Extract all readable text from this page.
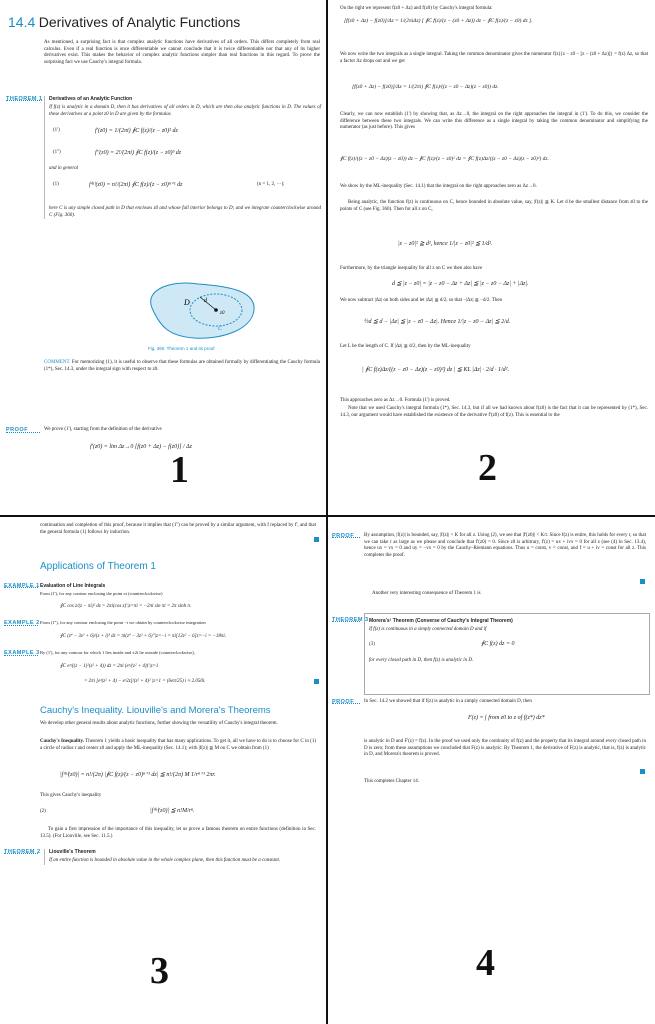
14.4 Derivatives of Analytic Functions

As mentioned, a surprising fact is that complex analytic functions have derivatives of all orders. This differs completely from real calculus. Even if a real function is once differentiable we cannot conclude that it is twice differentiable nor that any of its higher derivatives exist. This makes the behavior of complex analytic functions simpler than real functions in this regard. To prove the surprising fact we use Cauchy's integral formula.

THEOREM 1 Derivatives of an Analytic Function

If f(z) is analytic in a domain D, then it has derivatives of all orders in D, which are then also analytic functions in D. The values of these derivatives at a point z0 in D are given by the formulas

(1')	f'(z0) = 1/(2πi) ∮C f(z)/(z − z0)² dz
(1'')	f''(z0) = 2!/(2πi) ∮C f(z)/(z − z0)³ dz
and in general
(1)	f⁽ⁿ⁾(z0) = n!/(2πi) ∮C f(z)/(z − z0)ⁿ⁺¹ dz	(n = 1, 2, ···);

here C is any simple closed path in D that encloses z0 and whose full interior belongs to D; and we integrate counterclockwise around C (Fig. 360).

D d
z0
C
Fig. 360. Theorem 1 and its proof

COMMENT. For memorizing (1), it is useful to observe that these formulas are obtained formally by differentiating the Cauchy formula (1*), Sec. 14.3, under the integral sign with respect to z0.

PROOF	We prove (1'), starting from the definition of the derivative

f'(z0) = lim Δz→0 [f(z0 + Δz) − f(z0)] / Δz
1

On the right we represent f(z0 + Δz) and f(z0) by Cauchy's integral formula:

[f(z0 + Δz) − f(z0)]/Δz = 1/(2πiΔz) [ ∮C f(z)/(z − (z0 + Δz)) dz − ∮C f(z)/(z − z0) dz ].

We now write the two integrals as a single integral. Taking the common denominator gives the numerator f(z){z − z0 − [z − (z0 + Δz)]} = f(z) Δz, so that a factor Δz drops out and we get

[f(z0 + Δz) − f(z0)]/Δz = 1/(2πi) ∮C f(z)/((z − z0 − Δz)(z − z0)) dz.

Clearly, we can now establish (1') by showing that, as Δz→0, the integral on the right approaches the integral in (1'). To do this, we consider the difference between these two integrals. We can write this difference as a single integral by taking the common denominator and simplifying the numerator (as just before). This gives

∮C f(z)/((z − z0 − Δz)(z − z0)) dz − ∮C f(z)/(z − z0)² dz = ∮C f(z)Δz/((z − z0 − Δz)(z − z0)²) dz.

We show by the ML-inequality (Sec. 14.1) that the integral on the right approaches zero as Δz→0.

Being analytic, the function f(z) is continuous on C, hence bounded in absolute value, say, |f(z)| ≦ K. Let d be the smallest distance from z0 to the points of C (see Fig. 360). Then for all z on C,

|z − z0|² ≧ d², hence 1/|z − z0|² ≦ 1/d².

Furthermore, by the triangle inequality for all z on C we then also have

d ≦ |z − z0| = |z − z0 − Δz + Δz| ≦ |z − z0 − Δz| + |Δz|.

We now subtract |Δz| on both sides and let |Δz| ≦ d/2, so that −|Δz| ≧ −d/2. Then

½d ≦ d − |Δz| ≦ |z − z0 − Δz|. Hence 1/|z − z0 − Δz| ≦ 2/d.

Let L be the length of C. If |Δz| ≦ d/2, then by the ML-inequality

| ∮C f(z)Δz/((z − z0 − Δz)(z − z0)²) dz | ≦ KL |Δz| · 2/d · 1/d².

This approaches zero as Δz→0. Formula (1') is proved.

Note that we used Cauchy's integral formula (1*), Sec. 14.3, but if all we had known about f(z0) is the fact that it can be represented by (1*), Sec. 14.3, our argument would have established the existence of the derivative f'(z0) of f(z). This is essential to the

2

continuation and completion of this proof, because it implies that (1'') can be proved by a similar argument, with f replaced by f', and that the general formula (1) follows by induction.

Applications of Theorem 1
EXAMPLE 1 Evaluation of Line Integrals

From (1'), for any contour enclosing the point πi (counterclockwise)

∮C cos z/(z − πi)² dz = 2πi(cos z)'|z=πi = −2πi sin πi = 2π sinh π.
EXAMPLE 2 From (1''), for any contour enclosing the point −i we obtain by counterclockwise integration

∮C (z⁴ − 3z² + 6)/(z + i)³ dz = πi(z⁴ − 3z² + 6)''|z=−i = πi[12z² − 6]z=−i = −18πi.
EXAMPLE 3 By (1'), for any contour for which 1 lies inside and ±2i lie outside (counterclockwise),

∮C eᶻ/((z − 1)²(z² + 4)) dz = 2πi (eᶻ/(z² + 4))'|z=1
= 2πi [eᶻ(z² + 4) − eᶻ2z]/(z² + 4)² |z=1 = (6eπ/25) i ≈ 2.050i.
Cauchy's Inequality. Liouville's and Morera's Theorems

We develop other general results about analytic functions, further showing the versatility of Cauchy's integral theorem.

Cauchy's Inequality. Theorem 1 yields a basic inequality that has many applications. To get it, all we have to do is to choose for C in (1) a circle of radius r and center z0 and apply the ML-inequality (Sec. 14.1); with |f(z)| ≦ M on C we obtain from (1)

|f⁽ⁿ⁾(z0)| = n!/(2π) |∮C f(z)/(z − z0)ⁿ⁺¹ dz| ≦ n!/(2π) M 1/rⁿ⁺¹ 2πr.

This gives Cauchy's inequality

(2)	|f⁽ⁿ⁾(z0)| ≦ n!M/rⁿ.

To gain a first impression of the importance of this inequality, let us prove a famous theorem on entire functions (definition in Sec. 13.5). (For Liouville, see Sec. 11.5.)

THEOREM 2 Liouville's Theorem

If an entire function is bounded in absolute value in the whole complex plane, then this function must be a constant.

3
PROOF By assumption, |f(z)| is bounded, say, |f(z)| < K for all z. Using (2), we see that |f'(z0)| < K/r. Since f(z) is entire, this holds for every r, so that we can take r as large as we please and conclude that f'(z0) = 0. Since z0 is arbitrary, f'(z) = ux + ivx = 0 for all z (see (4) in Sec. 13.4), hence ux = vx = 0 and uy = −vx = 0 by the Cauchy–Riemann equations. Thus u = const, v = const, and f = u + iv = const for all z. This completes the proof.

Another very interesting consequence of Theorem 1 is

THEOREM 3 Morera's¹ Theorem (Converse of Cauchy's Integral Theorem)

If f(z) is continuous in a simply connected domain D and if

(3)	∮C f(z) dz = 0

for every closed path in D, then f(z) is analytic in D.

PROOF In Sec. 14.2 we showed that if f(z) is analytic in a simply connected domain D, then

F(z) = ∫ from z0 to z of f(z*) dz*

is analytic in D and F'(z) = f(z). In the proof we used only the continuity of f(z) and the property that its integral around every closed path in D is zero; from these assumptions we concluded that F(z) is analytic. By Theorem 1, the derivative of F(z) is analytic, that is, f(z) is analytic in D, and Morera's theorem is proved.

This completes Chapter 14.

4
